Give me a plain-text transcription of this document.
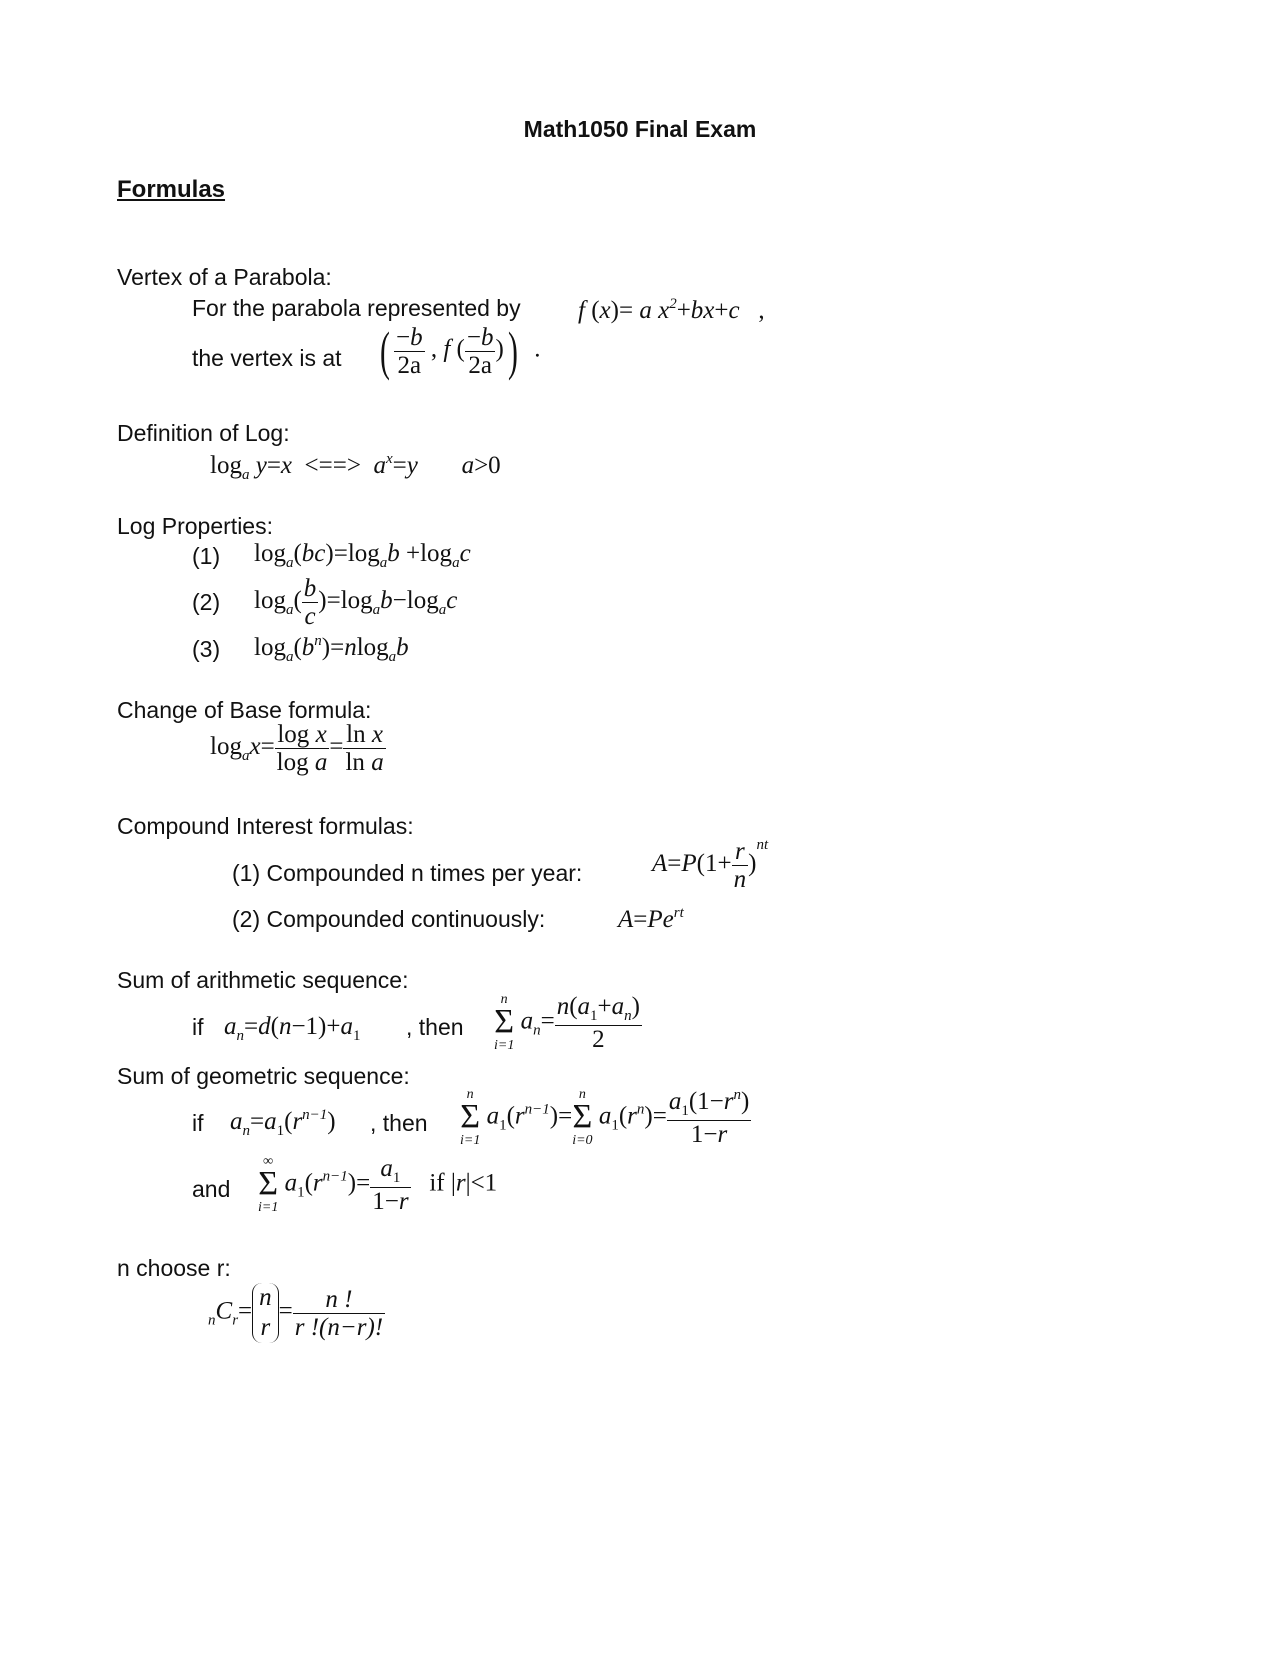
Math1050 Final Exam
Formulas
Vertex of a Parabola:
For the parabola represented by f (x)= a $x^2+bx+c$   ,
the vertex is at ( $\frac{-b}{2a}$ , f ( $\frac{-b}{2a}$ ))  .
Definition of Log:
$\log_a y=x$  <==>  $a^x=y$ a>0
Log Properties:
(1) $\log_a(bc)=\log_ab +\log_ac$
(2) $\log_a( \frac{b}{c} )=\log_ab-\log_ac$
(3) $\log_a(b^n)=nlog_ab$
Change of Base formula:
$\log_ax= \frac{\text{log x}}{\text{log a}} = \frac{\text{ln x}}{\text{ln a}}$
Compound Interest formulas:
(1) Compounded n times per year:	$A=P(1+ \frac{r}{n} )^{nt}$
(2) Compounded continuously:	$A=Pe^{rt}$
Sum of arithmetic sequence:
if $a_n=d(n-1)+a_1$ , then
n
Σ
i=1
$a_n= \frac{n(a_1+a_n)}{2}$
Sum of geometric sequence:
if $a_n=a_1(r^{n-1})$ , then
n
Σ
i=1
$a_1(r^{n-1})=$
n
Σ
i=0
$a_1(r^n)= \frac{a_1(1-r^n)}{1-r}$
and
∞
Σ
i=1
$a_1(r^{n-1})= \frac{a_1}{1-r}$ if |r|<1
n choose r:
$_nC_r=$
n
r
= $\frac{n !}{r !(n-r)!}$
